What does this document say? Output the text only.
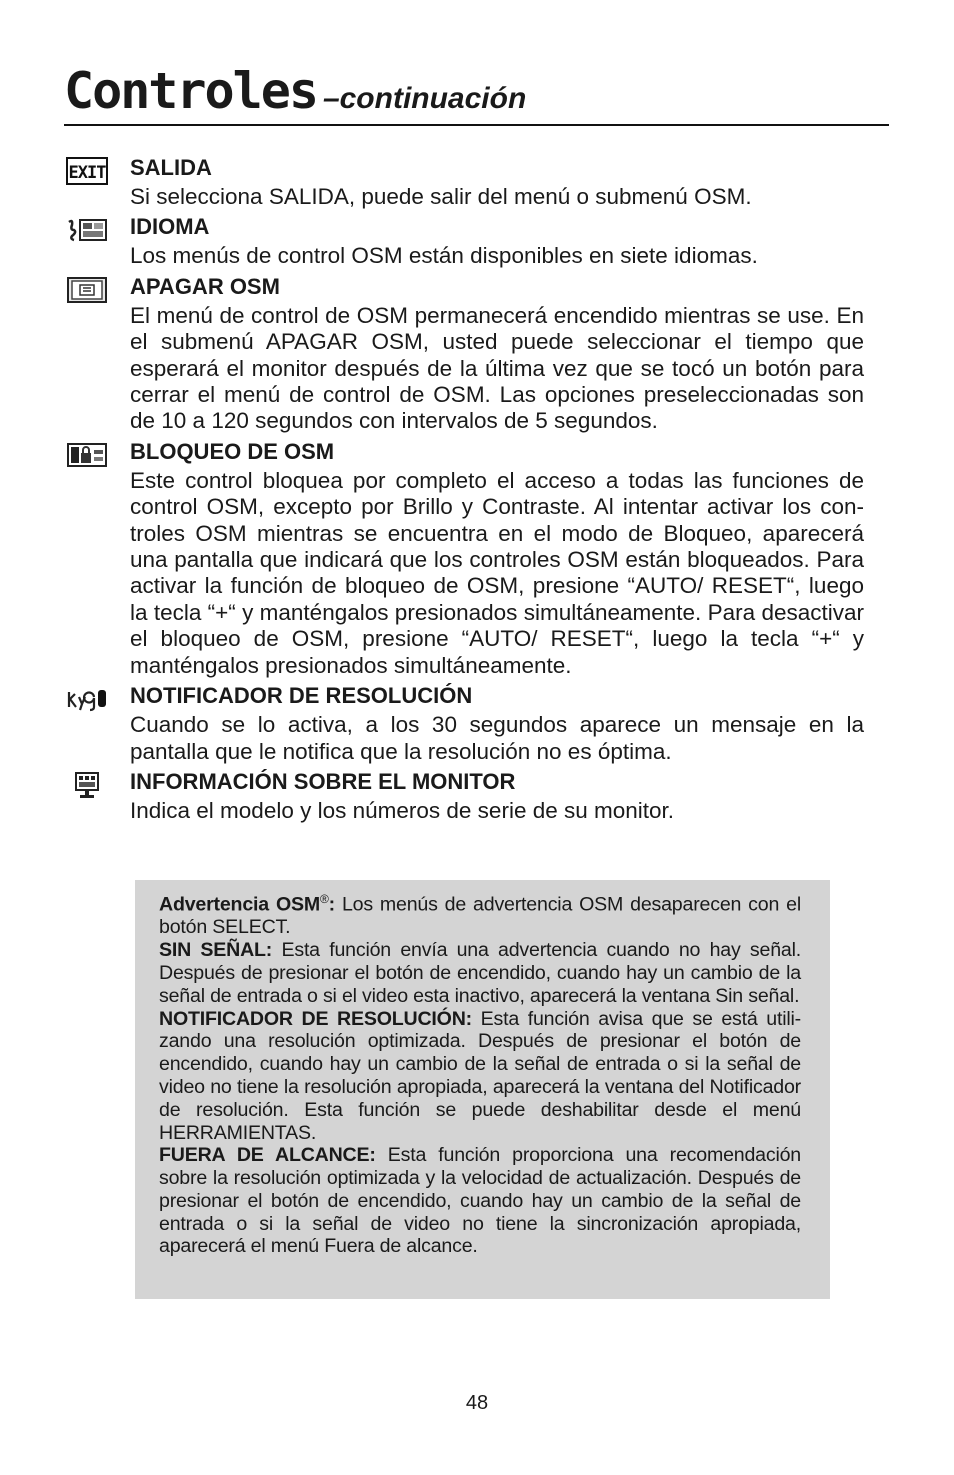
Controles –continuación
EXIT SALIDA
Si selecciona SALIDA, puede salir del menú o submenú OSM.
IDIOMA
Los menús de control OSM están disponibles en siete idiomas.
APAGAR OSM
El menú de control de OSM permanecerá encendido mientras se use. En el submenú APAGAR OSM, usted puede seleccionar el tiempo que esperará el monitor después de la última vez que se tocó un botón para cerrar el menú de control de OSM. Las opciones preseleccionadas son de 10 a 120 segundos con intervalos de 5 segundos.
BLOQUEO DE OSM
Este control bloquea por completo el acceso a todas las funciones de control OSM, excepto por Brillo y Contraste. Al intentar activar los con- troles OSM mientras se encuentra en el modo de Bloqueo, aparecerá una pantalla que indicará que los controles OSM están bloqueados. Para activar la función de bloqueo de OSM, presione “AUTO/ RESET“, luego la tecla “+“ y manténgalos presionados simultáneamente. Para desactivar el bloqueo de OSM, presione “AUTO/ RESET“, luego la tecla “+“ y manténgalos presionados simultáneamente.
NOTIFICADOR DE RESOLUCIÓN
Cuando se lo activa, a los 30 segundos aparece un mensaje en la pantalla que le notifica que la resolución no es óptima.
INFORMACIÓN SOBRE EL MONITOR
Indica el modelo y los números de serie de su monitor.

Advertencia OSM®: Los menús de advertencia OSM desaparecen con el botón SELECT.

SIN SEÑAL: Esta función envía una advertencia cuando no hay señal. Después de presionar el botón de encendido, cuando hay un cambio de la señal de entrada o si el video esta inactivo, aparecerá la ventana Sin señal.

NOTIFICADOR DE RESOLUCIÓN: Esta función avisa que se está utili- zando una resolución optimizada. Después de presionar el botón de encendido, cuando hay un cambio de la señal de entrada o si la señal de video no tiene la resolución apropiada, aparecerá la ventana del Notificador de resolución. Esta función se puede deshabilitar desde el menú HERRAMIENTAS.

FUERA DE ALCANCE: Esta función proporciona una recomendación sobre la resolución optimizada y la velocidad de actualización. Después de presionar el botón de encendido, cuando hay un cambio de la señal de entrada o si la señal de video no tiene la sincronización apropiada, aparecerá el menú Fuera de alcance.

48
